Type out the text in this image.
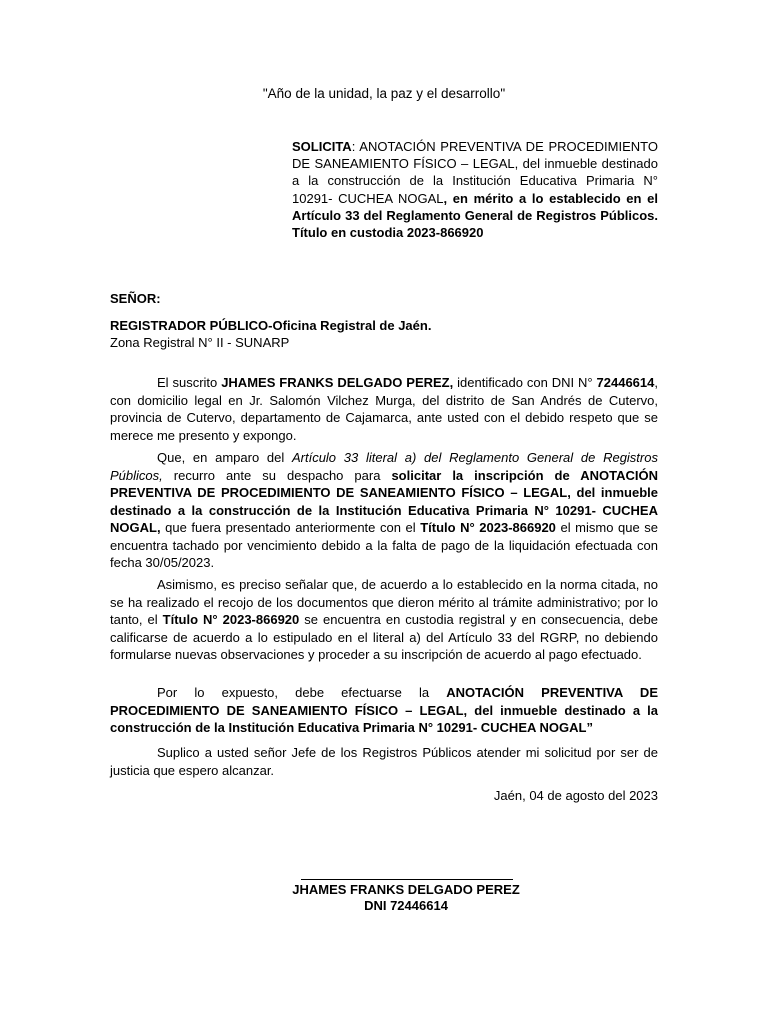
"Año de la unidad, la paz y el desarrollo"
SOLICITA: ANOTACIÓN PREVENTIVA DE PROCEDIMIENTO DE SANEAMIENTO FÍSICO – LEGAL, del inmueble destinado a la construcción de la Institución Educativa Primaria N° 10291- CUCHEA NOGAL, en mérito a lo establecido en el Artículo 33 del Reglamento General de Registros Públicos. Título en custodia 2023-866920
SEÑOR:
REGISTRADOR PÚBLICO-Oficina Registral de Jaén.
Zona Registral N° II - SUNARP

El suscrito JHAMES FRANKS DELGADO PEREZ, identificado con DNI N° 72446614, con domicilio legal en Jr. Salomón Vilchez Murga, del distrito de San Andrés de Cutervo, provincia de Cutervo, departamento de Cajamarca, ante usted con el debido respeto que se merece me presento y expongo.

Que, en amparo del Artículo 33 literal a) del Reglamento General de Registros Públicos, recurro ante su despacho para solicitar la inscripción de ANOTACIÓN PREVENTIVA DE PROCEDIMIENTO DE SANEAMIENTO FÍSICO – LEGAL, del inmueble destinado a la construcción de la Institución Educativa Primaria N° 10291- CUCHEA NOGAL, que fuera presentado anteriormente con el Título N° 2023-866920 el mismo que se encuentra tachado por vencimiento debido a la falta de pago de la liquidación efectuada con fecha 30/05/2023.

Asimismo, es preciso señalar que, de acuerdo a lo establecido en la norma citada, no se ha realizado el recojo de los documentos que dieron mérito al trámite administrativo; por lo tanto, el Título N° 2023-866920 se encuentra en custodia registral y en consecuencia, debe calificarse de acuerdo a lo estipulado en el literal a) del Artículo 33 del RGRP, no debiendo formularse nuevas observaciones y proceder a su inscripción de acuerdo al pago efectuado.

Por lo expuesto, debe efectuarse la ANOTACIÓN PREVENTIVA DE PROCEDIMIENTO DE SANEAMIENTO FÍSICO – LEGAL, del inmueble destinado a la construcción de la Institución Educativa Primaria N° 10291- CUCHEA NOGAL”

Suplico a usted señor Jefe de los Registros Públicos atender mi solicitud por ser de justicia que espero alcanzar.

Jaén, 04 de agosto del 2023
JHAMES FRANKS DELGADO PEREZ
DNI 72446614
